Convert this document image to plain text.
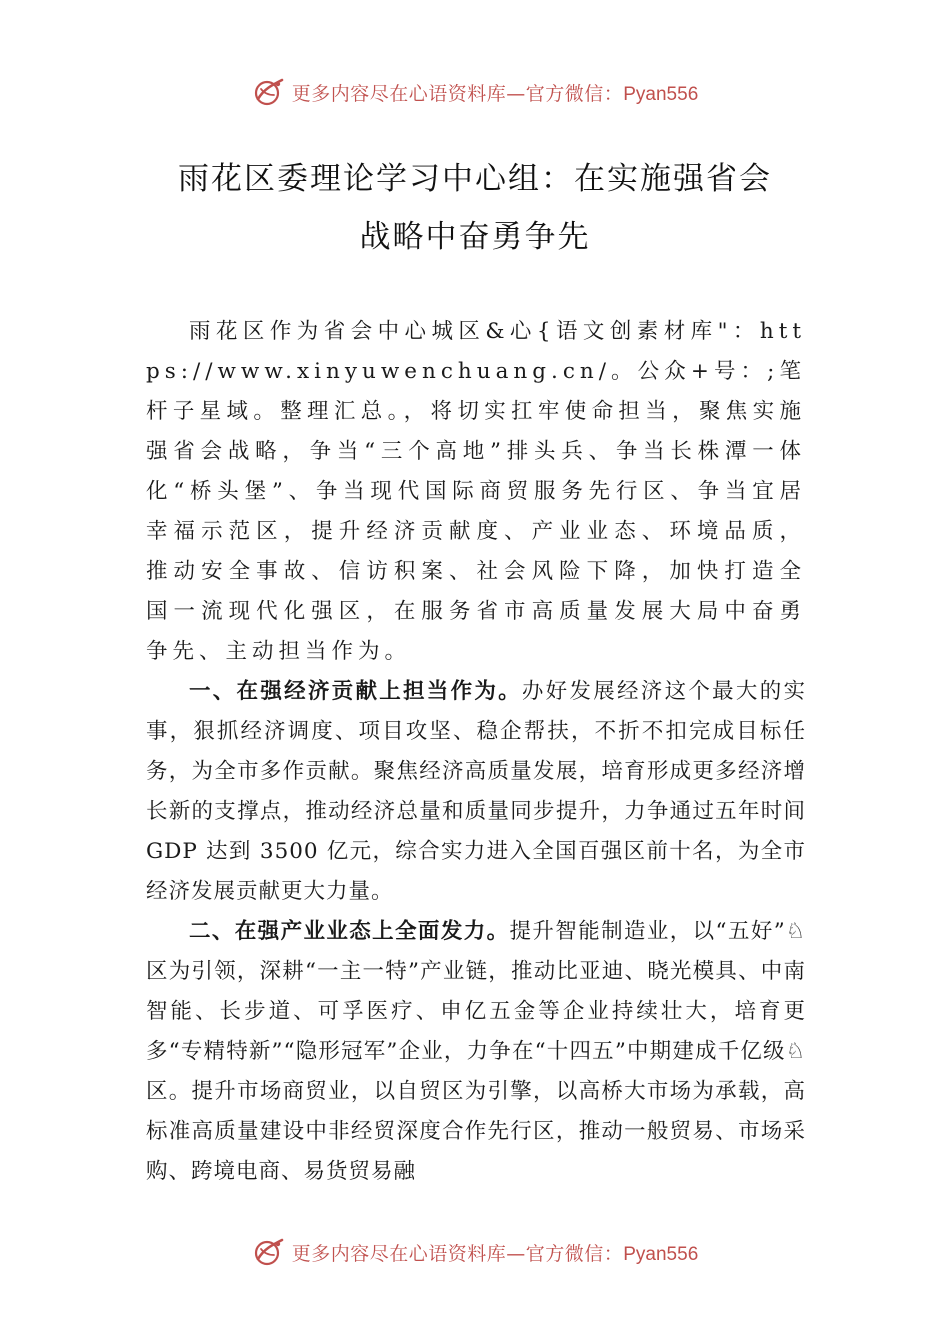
更多内容尽在心语资料库—官方微信：Pyan556
雨花区委理论学习中心组：在实施强省会
战略中奋勇争先

雨花区作为省会中心城区&心{语文创素材库"：https://www.xinyuwenchuang.cn/。公众+号：;笔杆子星域。整理汇总。，将切实扛牢使命担当，聚焦实施强省会战略，争当“三个高地”排头兵、争当长株潭一体化“桥头堡”、争当现代国际商贸服务先行区、争当宜居幸福示范区，提升经济贡献度、产业业态、环境品质，推动安全事故、信访积案、社会风险下降，加快打造全国一流现代化强区，在服务省市高质量发展大局中奋勇争先、主动担当作为。

一、在强经济贡献上担当作为。办好发展经济这个最大的实事，狠抓经济调度、项目攻坚、稳企帮扶，不折不扣完成目标任务，为全市多作贡献。聚焦经济高质量发展，培育形成更多经济增长新的支撑点，推动经济总量和质量同步提升，力争通过五年时间 GDP 达到 3500 亿元，综合实力进入全国百强区前十名，为全市经济发展贡献更大力量。

二、在强产业业态上全面发力。提升智能制造业，以“五好”♘区为引领，深耕“一主一特”产业链，推动比亚迪、晓光模具、中南智能、长步道、可孚医疗、申亿五金等企业持续壮大，培育更多“专精特新”“隐形冠军”企业，力争在“十四五”中期建成千亿级♘区。提升市场商贸业，以自贸区为引擎，以高桥大市场为承载，高标准高质量建设中非经贸深度合作先行区，推动一般贸易、市场采购、跨境电商、易货贸易融

更多内容尽在心语资料库—官方微信：Pyan556
